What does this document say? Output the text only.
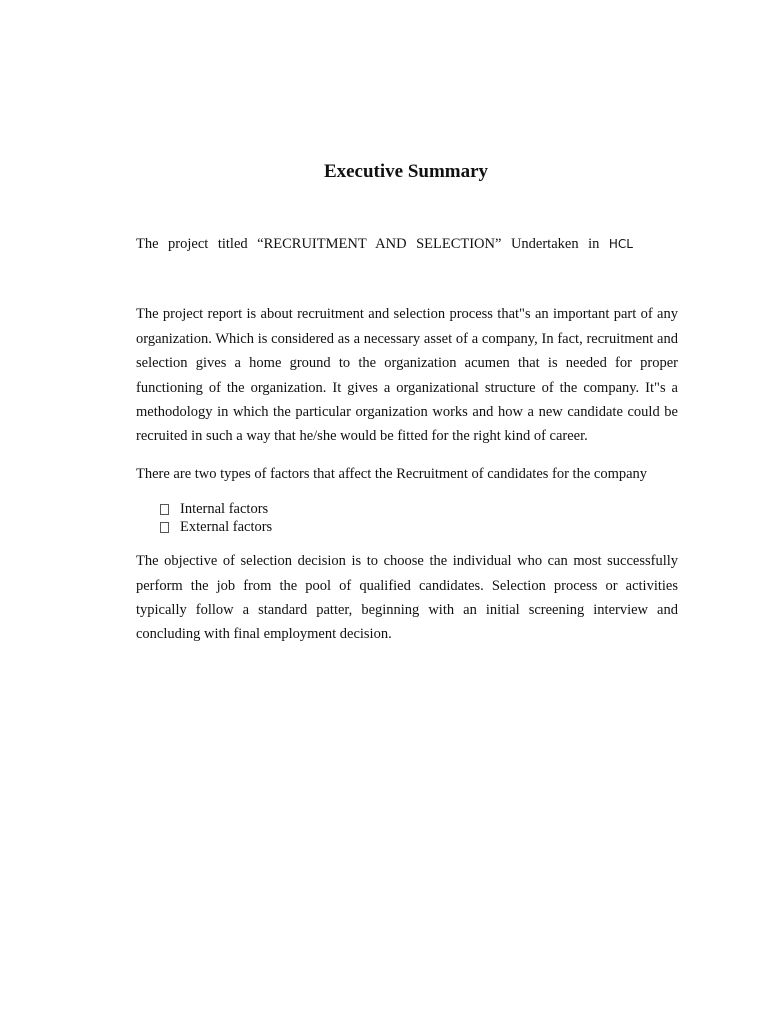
Executive Summary

The project titled “RECRUITMENT AND SELECTION” Undertaken in HCL

The project report is about recruitment and selection process that"s an important part of any organization. Which is considered as a necessary asset of a company, In fact, recruitment and selection gives a home ground to the organization acumen that is needed for proper functioning of the organization. It gives a organizational structure of the company. It"s a methodology in which the particular organization works and how a new candidate could be recruited in such a way that he/she would be fitted for the right kind of career.

There are two types of factors that affect the Recruitment of candidates for the company

Internal factors
External factors

The objective of selection decision is to choose the individual who can most successfully perform the job from the pool of qualified candidates. Selection process or activities typically follow a standard patter, beginning with an initial screening interview and concluding with final employment decision.
